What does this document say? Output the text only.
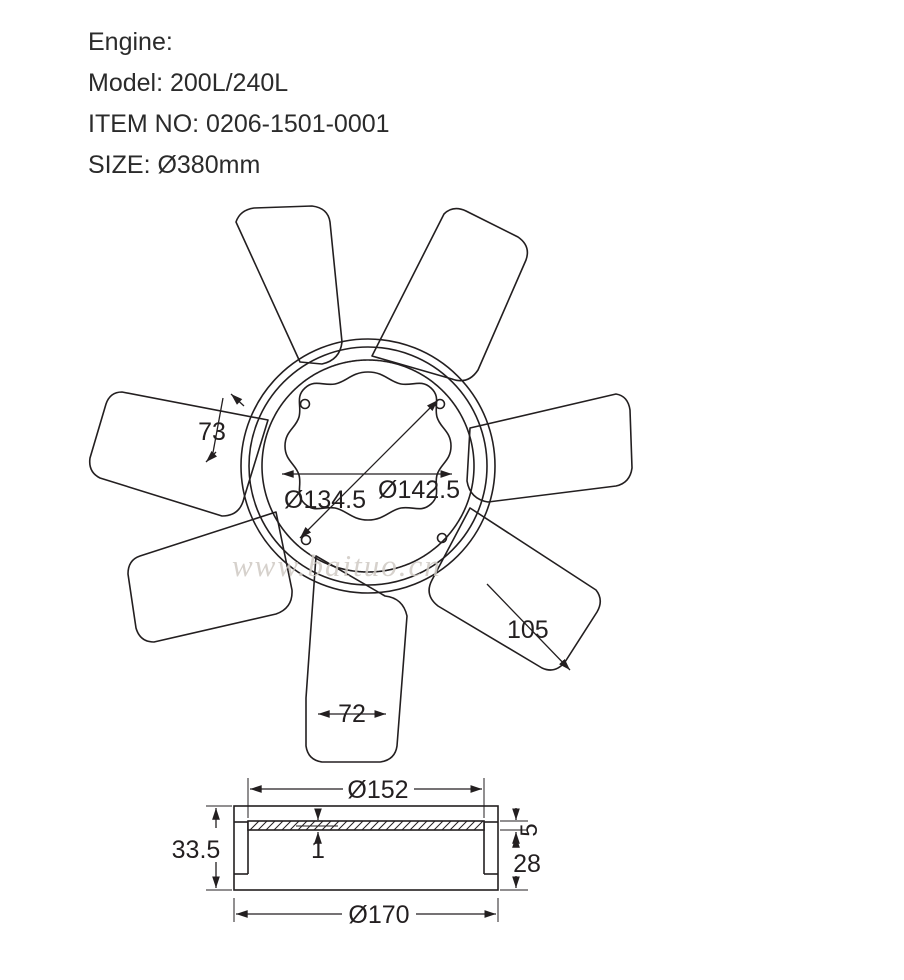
Engine:
Model: 200L/240L
ITEM NO: 0206-1501-0001
SIZE: Ø380mm
73
Ø134.5 Ø142.5
105
72
Ø152
Ø170
33.5	1
5
28
www.baituo.cn
